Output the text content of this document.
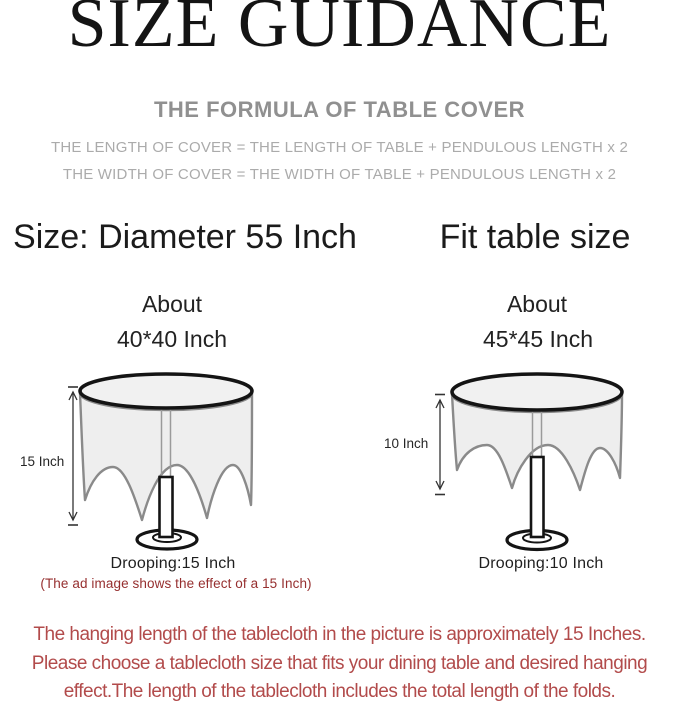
SIZE GUIDANCE
THE FORMULA OF TABLE COVER
THE LENGTH OF COVER = THE LENGTH OF TABLE + PENDULOUS LENGTH x 2
THE WIDTH OF COVER = THE WIDTH OF TABLE + PENDULOUS LENGTH x 2
Size: Diameter 55 Inch Fit table size
About
40*40 Inch
About
45*45 Inch
15 Inch
10 Inch
Drooping:15 Inch	Drooping:10 Inch
(The ad image shows the effect of a 15 Inch)
The hanging length of the tablecloth in the picture is approximately 15 Inches.
Please choose a tablecloth size that fits your dining table and desired hanging
effect.The length of the tablecloth includes the total length of the folds.
